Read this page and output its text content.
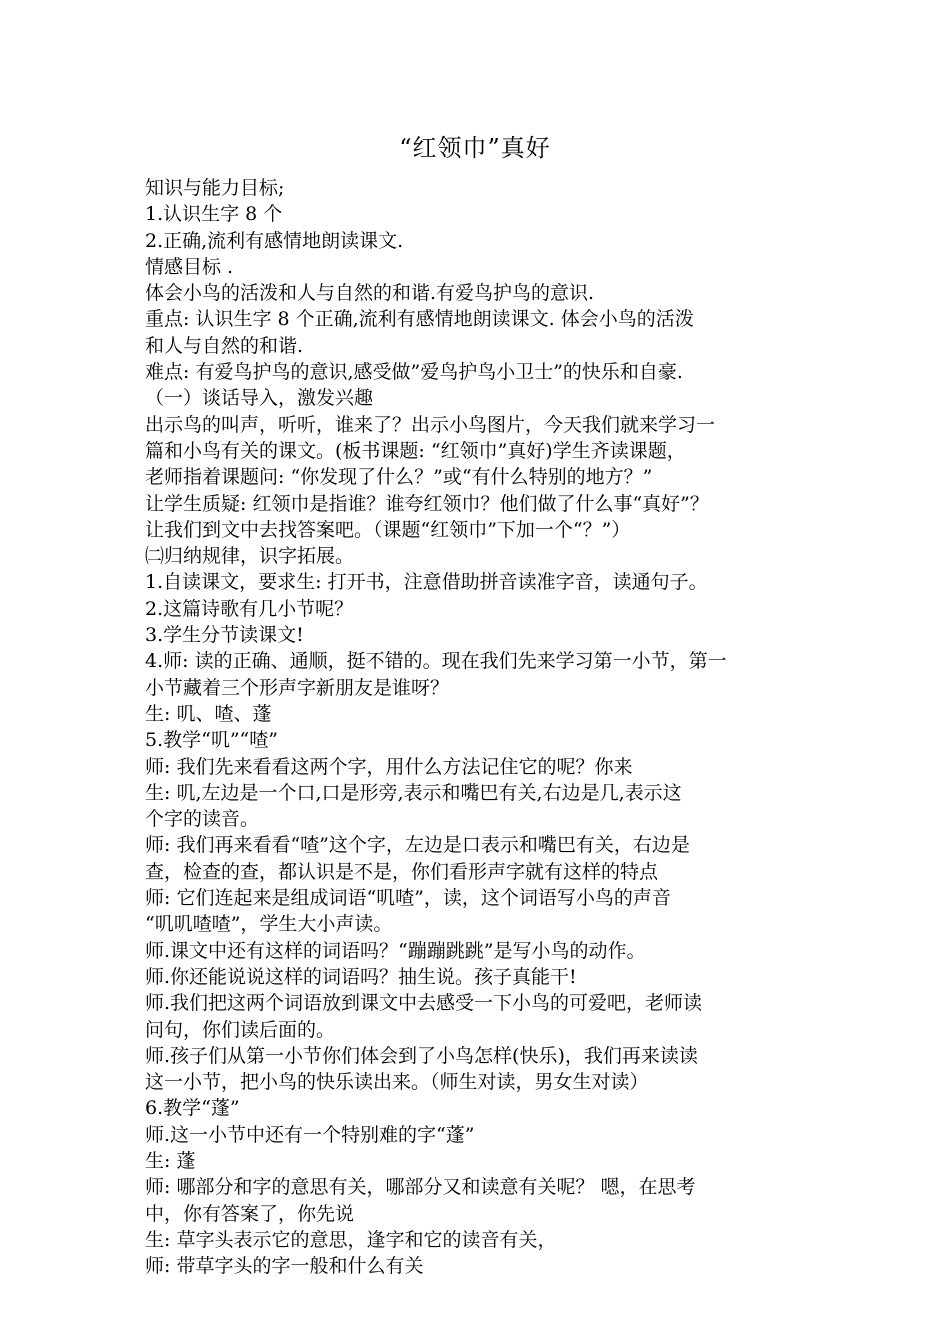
“红领巾”真好
知识与能力目标;
1.认识生字 8 个
2.正确,流利有感情地朗读课文.
情感目标 .
体会小鸟的活泼和人与自然的和谐.有爱鸟护鸟的意识.
重点: 认识生字 8 个正确,流利有感情地朗读课文. 体会小鸟的活泼
和人与自然的和谐.
难点: 有爱鸟护鸟的意识,感受做”爱鸟护鸟小卫士”的快乐和自豪.
（一）谈话导入，激发兴趣
出示鸟的叫声，听听，谁来了？出示小鸟图片，今天我们就来学习一
篇和小鸟有关的课文。(板书课题: “红领巾”真好)学生齐读课题，
老师指着课题问: “你发现了什么？”或“有什么特别的地方？”
让学生质疑: 红领巾是指谁？谁夸红领巾？他们做了什么事“真好”？
让我们到文中去找答案吧。（课题“红领巾”下加一个“？”）
㈡归纳规律，识字拓展。
1.自读课文，要求生: 打开书，注意借助拼音读准字音，读通句子。
2.这篇诗歌有几小节呢？
3.学生分节读课文!
4.师: 读的正确、通顺，挺不错的。现在我们先来学习第一小节，第一
小节藏着三个形声字新朋友是谁呀？
生: 叽、喳、蓬
5.教学“叽”“喳”
师: 我们先来看看这两个字，用什么方法记住它的呢？你来
生: 叽,左边是一个口,口是形旁,表示和嘴巴有关,右边是几,表示这
个字的读音。
师: 我们再来看看“喳”这个字，左边是口表示和嘴巴有关，右边是
查，检查的查，都认识是不是，你们看形声字就有这样的特点
师: 它们连起来是组成词语“叽喳”，读，这个词语写小鸟的声音
“叽叽喳喳”，学生大小声读。
师.课文中还有这样的词语吗？“蹦蹦跳跳”是写小鸟的动作。
师.你还能说说这样的词语吗？抽生说。孩子真能干!
师.我们把这两个词语放到课文中去感受一下小鸟的可爱吧，老师读
问句，你们读后面的。
师.孩子们从第一小节你们体会到了小鸟怎样(快乐)，我们再来读读
这一小节，把小鸟的快乐读出来。（师生对读，男女生对读）
6.教学“蓬”
师.这一小节中还有一个特别难的字“蓬”
生: 蓬
师: 哪部分和字的意思有关，哪部分又和读意有关呢？ 嗯，在思考
中，你有答案了，你先说
生: 草字头表示它的意思，逢字和它的读音有关，
师: 带草字头的字一般和什么有关
